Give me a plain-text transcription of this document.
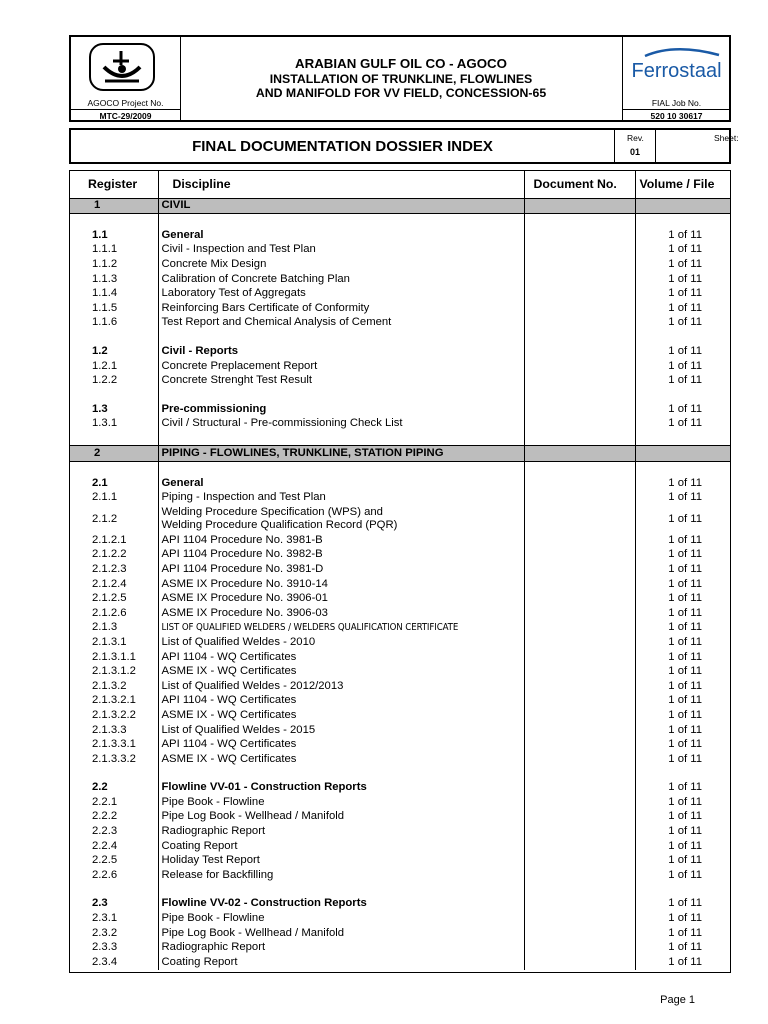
AGOCO Project No.
MTC-29/2009
ARABIAN GULF OIL CO - AGOCO
INSTALLATION OF TRUNKLINE, FLOWLINES
AND MANIFOLD FOR VV FIELD, CONCESSION-65
Ferrostaal
FIAL Job No.
520 10 30617
FINAL DOCUMENTATION DOSSIER INDEX	Rev.
01
Sheet:
Register	Discipline	Document No.	Volume / File
1	CIVIL		

1.1	General		1 of 11
1.1.1	Civil - Inspection and Test Plan		1 of 11
1.1.2	Concrete Mix Design		1 of 11
1.1.3	Calibration of Concrete Batching Plan		1 of 11
1.1.4	Laboratory Test of Aggregats		1 of 11
1.1.5	Reinforcing Bars Certificate of Conformity		1 of 11
1.1.6	Test Report and Chemical Analysis of Cement		1 of 11

1.2	Civil - Reports		1 of 11
1.2.1	Concrete Preplacement Report		1 of 11
1.2.2	Concrete Strenght Test Result		1 of 11

1.3	Pre-commissioning		1 of 11
1.3.1	Civil / Structural - Pre-commissioning Check List		1 of 11

2	PIPING - FLOWLINES, TRUNKLINE, STATION PIPING		

2.1	General		1 of 11
2.1.1	Piping - Inspection and Test Plan		1 of 11
2.1.2	Welding Procedure Specification (WPS) and
Welding Procedure Qualification Record (PQR)		1 of 11
2.1.2.1	API 1104 Procedure No. 3981-B		1 of 11
2.1.2.2	API 1104 Procedure No. 3982-B		1 of 11
2.1.2.3	API 1104 Procedure No. 3981-D		1 of 11
2.1.2.4	ASME IX Procedure No. 3910-14		1 of 11
2.1.2.5	ASME IX Procedure No. 3906-01		1 of 11
2.1.2.6	ASME IX Procedure No. 3906-03		1 of 11
2.1.3	LIST OF QUALIFIED WELDERS / WELDERS QUALIFICATION CERTIFICATE		1 of 11
2.1.3.1	List of Qualified Weldes - 2010		1 of 11
2.1.3.1.1	API 1104 - WQ Certificates		1 of 11
2.1.3.1.2	ASME IX - WQ Certificates		1 of 11
2.1.3.2	List of Qualified Weldes - 2012/2013		1 of 11
2.1.3.2.1	API 1104 - WQ Certificates		1 of 11
2.1.3.2.2	ASME IX - WQ Certificates		1 of 11
2.1.3.3	List of Qualified Weldes - 2015		1 of 11
2.1.3.3.1	API 1104 - WQ Certificates		1 of 11
2.1.3.3.2	ASME IX - WQ Certificates		1 of 11

2.2	Flowline VV-01 - Construction Reports		1 of 11
2.2.1	Pipe Book - Flowline		1 of 11
2.2.2	Pipe Log Book - Wellhead / Manifold		1 of 11
2.2.3	Radiographic Report		1 of 11
2.2.4	Coating Report		1 of 11
2.2.5	Holiday Test Report		1 of 11
2.2.6	Release for Backfilling		1 of 11

2.3	Flowline VV-02 - Construction Reports		1 of 11
2.3.1	Pipe Book - Flowline		1 of 11
2.3.2	Pipe Log Book - Wellhead / Manifold		1 of 11
2.3.3	Radiographic Report		1 of 11
2.3.4	Coating Report		1 of 11
Page 1
